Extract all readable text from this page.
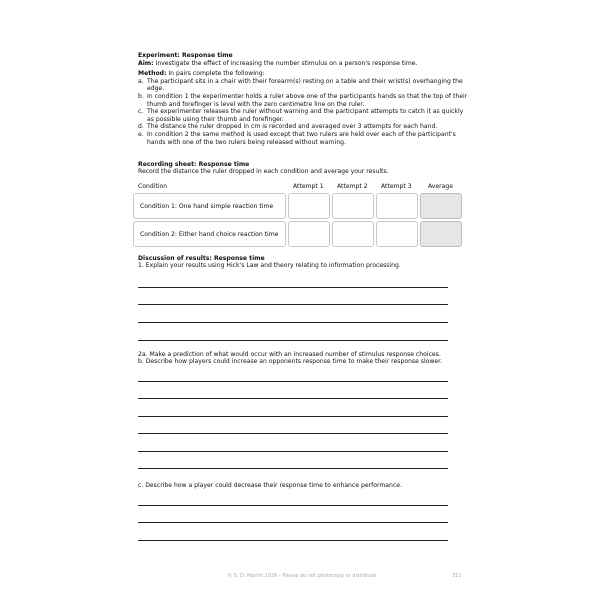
Experiment: Response time
Aim: Investigate the effect of increasing the number stimulus on a person's response time.
Method: In pairs complete the following:
a. The participant sits in a chair with their forearm(s) resting on a table and their wrist(s) overhanging the edge.
b. In condition 1 the experimenter holds a ruler above one of the participants hands so that the top of their thumb and forefinger is level with the zero centimetre line on the ruler.
c. The experimenter releases the ruler without warning and the participant attempts to catch it as quickly as possible using their thumb and forefinger.
d. The distance the ruler dropped in cm is recorded and averaged over 3 attempts for each hand.
e. In condition 2 the same method is used except that two rulers are held over each of the participant's hands with one of the two rulers being released without warning.
Recording sheet: Response time
Record the distance the ruler dropped in each condition and average your results.
Condition	Attempt 1 Attempt 2 Attempt 3	Average
Condition 1: One hand simple reaction time
Condition 2: Either hand choice reaction time
Discussion of results: Response time
1. Explain your results using Hick's Law and theory relating to information processing.
2a. Make a prediction of what would occur with an increased number of stimulus response choices.
b. Describe how players could increase an opponents response time to make their response slower.
c. Describe how a player could decrease their response time to enhance performance.
© S. D. Martin 2026 - Please do not photocopy or distribute	311
